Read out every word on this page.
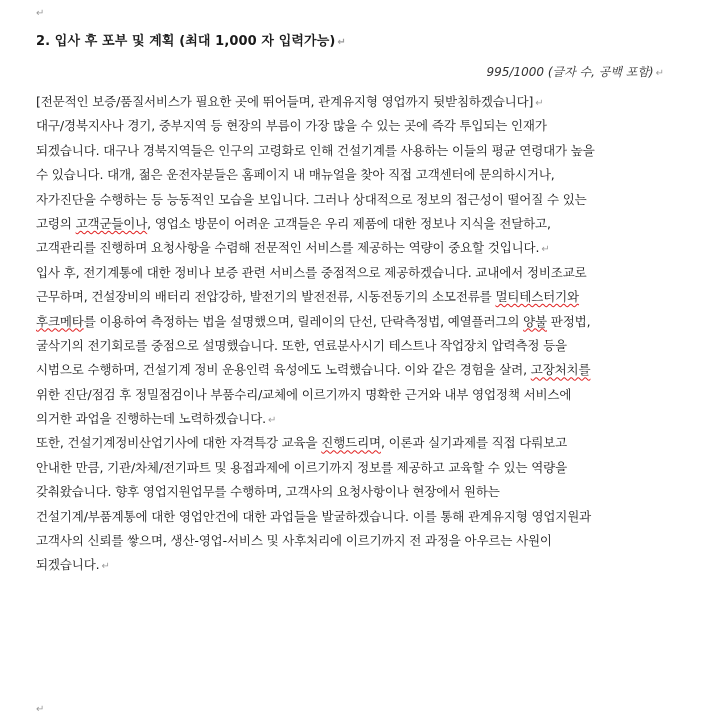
↵
2. 입사 후 포부 및 계획 (최대 1,000 자 입력가능) ↵
995/1000 (글자 수, 공백 포함) ↵
[전문적인 보증/품질서비스가 필요한 곳에 뛰어들며, 관계유지형 영업까지 뒷받침하겠습니다] ↵
대구/경북지사나 경기, 중부지역 등 현장의 부름이 가장 많을 수 있는 곳에 즉각 투입되는 인재가
되겠습니다. 대구나 경북지역들은 인구의 고령화로 인해 건설기계를 사용하는 이들의 평균 연령대가 높을
수 있습니다. 대개, 젊은 운전자분들은 홈페이지 내 매뉴얼을 찾아 직접 고객센터에 문의하시거나,
자가진단을 수행하는 등 능동적인 모습을 보입니다. 그러나 상대적으로 정보의 접근성이 떨어질 수 있는
고령의 고객군들이나, 영업소 방문이 어려운 고객들은 우리 제품에 대한 정보나 지식을 전달하고,
고객관리를 진행하며 요청사항을 수렴해 전문적인 서비스를 제공하는 역량이 중요할 것입니다. ↵
입사 후, 전기계통에 대한 정비나 보증 관련 서비스를 중점적으로 제공하겠습니다. 교내에서 정비조교로
근무하며, 건설장비의 배터리 전압강하, 발전기의 발전전류, 시동전동기의 소모전류를 멀티테스터기와
후크메타를 이용하여 측정하는 법을 설명했으며, 릴레이의 단선, 단락측정법, 예열플러그의 양불 판정법,
굴삭기의 전기회로를 중점으로 설명했습니다. 또한, 연료분사시기 테스트나 작업장치 압력측정 등을
시범으로 수행하며, 건설기계 정비 운용인력 육성에도 노력했습니다. 이와 같은 경험을 살려, 고장처치를
위한 진단/점검 후 정밀점검이나 부품수리/교체에 이르기까지 명확한 근거와 내부 영업정책 서비스에
의거한 과업을 진행하는데 노력하겠습니다. ↵
또한, 건설기계정비산업기사에 대한 자격특강 교육을 진행드리며, 이론과 실기과제를 직접 다뤄보고
안내한 만큼, 기관/차체/전기파트 및 용접과제에 이르기까지 정보를 제공하고 교육할 수 있는 역량을
갖춰왔습니다. 향후 영업지원업무를 수행하며, 고객사의 요청사항이나 현장에서 원하는
건설기계/부품계통에 대한 영업안건에 대한 과업들을 발굴하겠습니다. 이를 통해 관계유지형 영업지원과
고객사의 신뢰를 쌓으며, 생산-영업-서비스 및 사후처리에 이르기까지 전 과정을 아우르는 사원이
되겠습니다. ↵
↵
